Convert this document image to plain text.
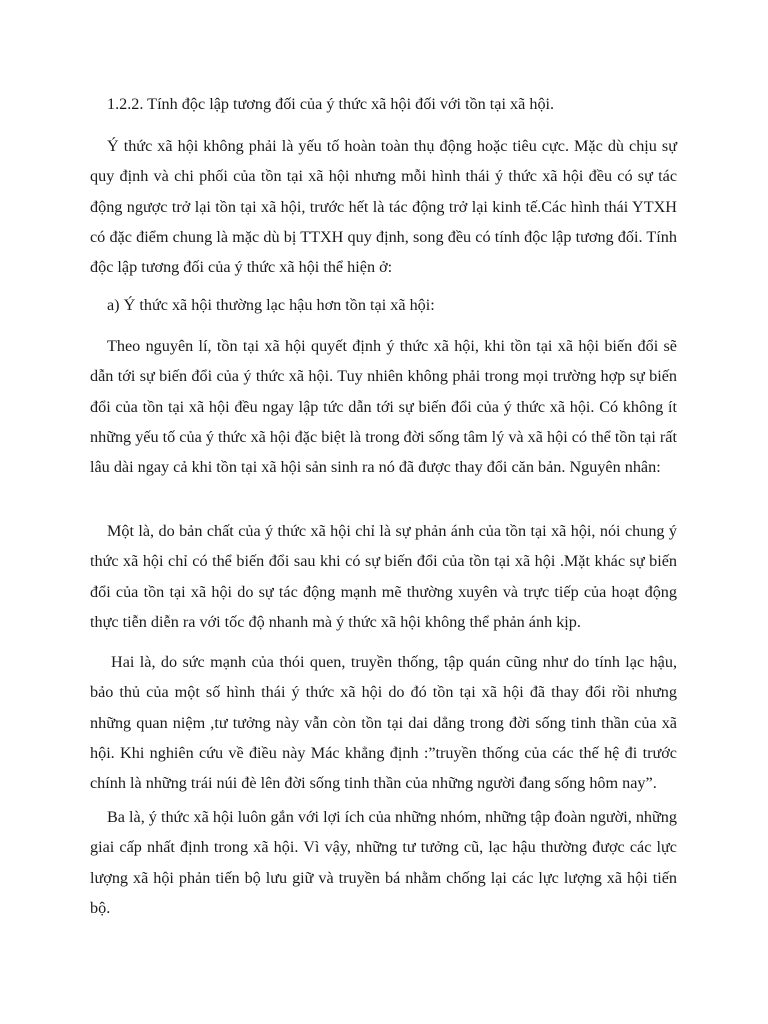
1.2.2. Tính độc lập tương đối của ý thức xã hội đối với tồn tại xã hội.

Ý thức xã hội không phải là yếu tố hoàn toàn thụ động hoặc tiêu cực. Mặc dù chịu sự quy định và chi phối của tồn tại xã hội nhưng mỗi hình thái ý thức xã hội đều có sự tác động ngược trở lại tồn tại xã hội, trước hết là tác động trở lại kinh tế.Các hình thái YTXH có đặc điểm chung là mặc dù bị TTXH quy định, song đều có tính độc lập tương đối. Tính độc lập tương đối của ý thức xã hội thể hiện ở:

a) Ý thức xã hội thường lạc hậu hơn tồn tại xã hội:

Theo nguyên lí, tồn tại xã hội quyết định ý thức xã hội, khi tồn tại xã hội biến đổi sẽ dẫn tới sự biến đổi của ý thức xã hội. Tuy nhiên không phải trong mọi trường hợp sự biến đổi của tồn tại xã hội đều ngay lập tức dẫn tới sự biến đổi của ý thức xã hội. Có không ít những yếu tố của ý thức xã hội đặc biệt là trong đời sống tâm lý và xã hội có thể tồn tại rất lâu dài ngay cả khi tồn tại xã hội sản sinh ra nó đã được thay đổi căn bản. Nguyên nhân:

Một là, do bản chất của ý thức xã hội chỉ là sự phản ánh của tồn tại xã hội, nói chung ý thức xã hội chỉ có thể biến đổi sau khi có sự biến đổi của tồn tại xã hội .Mặt khác sự biến đổi của tồn tại xã hội do sự tác động mạnh mẽ thường xuyên và trực tiếp của hoạt động thực tiễn diễn ra với tốc độ nhanh mà ý thức xã hội không thể phản ánh kịp.

Hai là, do sức mạnh của thói quen, truyền thống, tập quán cũng như do tính lạc hậu, bảo thủ của một số hình thái ý thức xã hội do đó tồn tại xã hội đã thay đổi rồi nhưng những quan niệm ,tư tưởng này vẫn còn tồn tại dai dẳng trong đời sống tinh thần của xã hội. Khi nghiên cứu về điều này Mác khẳng định :”truyền thống của các thế hệ đi trước chính là những trái núi đè lên đời sống tinh thần của những người đang sống hôm nay”.

Ba là, ý thức xã hội luôn gắn với lợi ích của những nhóm, những tập đoàn người, những giai cấp nhất định trong xã hội. Vì vậy, những tư tưởng cũ, lạc hậu thường được các lực lượng xã hội phản tiến bộ lưu giữ và truyền bá nhằm chống lại các lực lượng xã hội tiến bộ.
